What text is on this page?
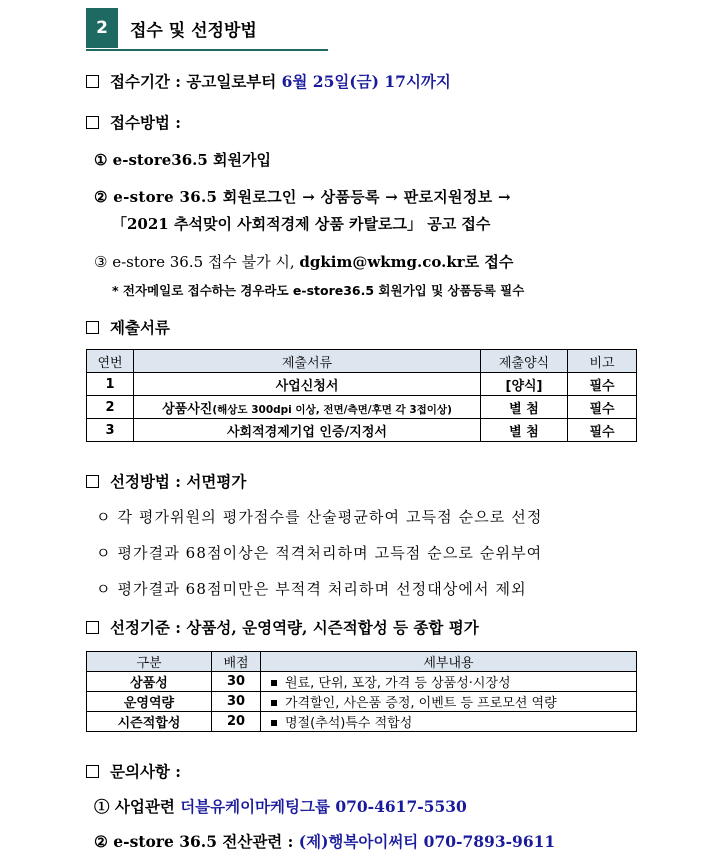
2	접수 및 선정방법
접수기간 : 공고일로부터 6월 25일(금) 17시까지
접수방법 :
① e-store36.5 회원가입
② e-store 36.5 회원로그인 → 상품등록 → 판로지원정보 →
「2021 추석맞이 사회적경제 상품 카탈로그」 공고 접수
③ e-store 36.5 접수 불가 시, dgkim@wkmg.co.kr로 접수
* 전자메일로 접수하는 경우라도 e-store36.5 회원가입 및 상품등록 필수
제출서류
연번	제출서류	제출양식	비고
1	사업신청서	[양식]	필수
2	상품사진(해상도 300dpi 이상, 전면/측면/후면 각 3접이상)	별 첨	필수
3	사회적경제기업 인증/지정서	별 첨	필수
선정방법 : 서면평가
ㅇ 각 평가위원의 평가점수를 산술평균하여 고득점 순으로 선정
ㅇ 평가결과 68점이상은 적격처리하며 고득점 순으로 순위부여
ㅇ 평가결과 68점미만은 부적격 처리하며 선정대상에서 제외
선정기준 : 상품성, 운영역량, 시즌적합성 등 종합 평가
구분	배점	세부내용
상품성	30	원료, 단위, 포장, 가격 등 상품성·시장성
운영역량	30	가격할인, 사은품 증정, 이벤트 등 프로모션 역량
시즌적합성	20	명절(추석)특수 적합성
문의사항 :
① 사업관련 더블유케이마케팅그룹 070-4617-5530
② e-store 36.5 전산관련 : (제)행복아이써티 070-7893-9611
